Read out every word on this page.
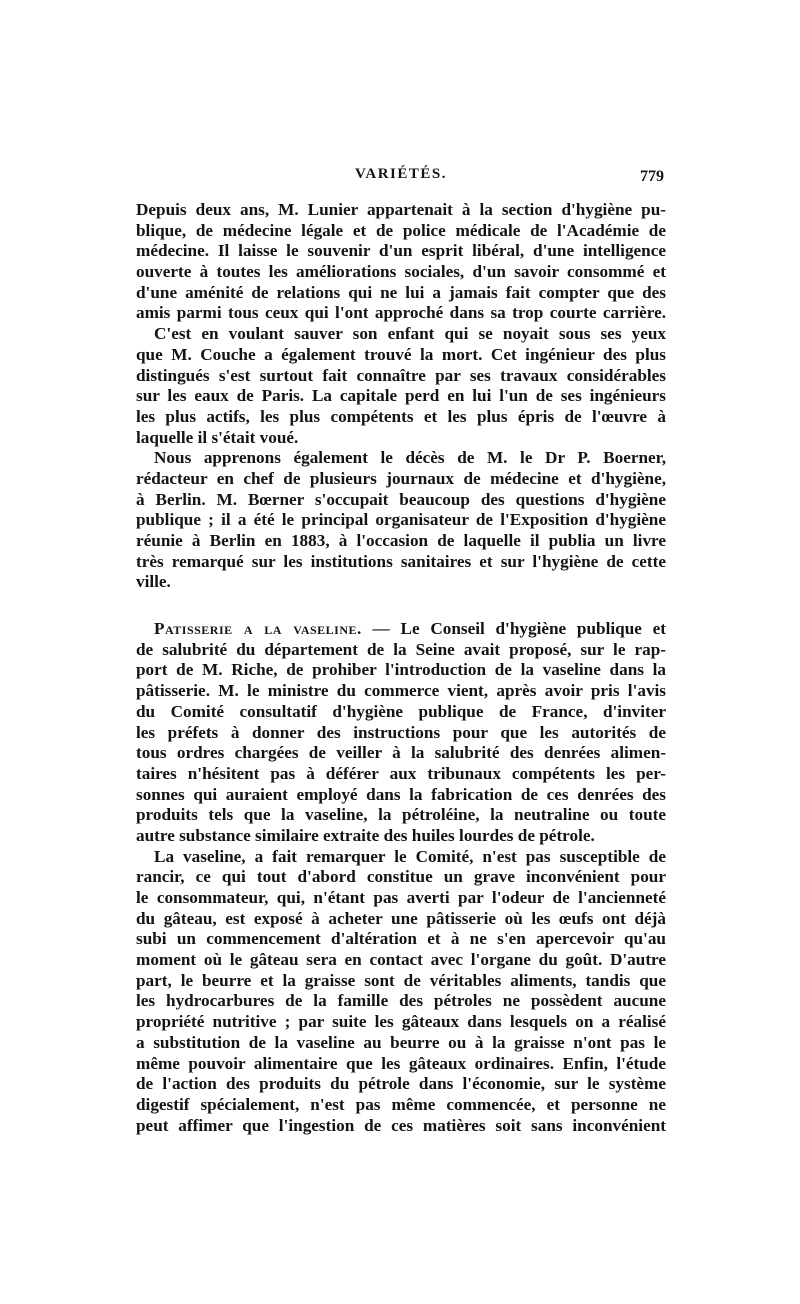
VARIÉTÉS.	779
Depuis deux ans, M. Lunier appartenait à la section d'hygiène pu-
blique, de médecine légale et de police médicale de l'Académie de
médecine. Il laisse le souvenir d'un esprit libéral, d'une intelligence
ouverte à toutes les améliorations sociales, d'un savoir consommé et
d'une aménité de relations qui ne lui a jamais fait compter que des
amis parmi tous ceux qui l'ont approché dans sa trop courte carrière.
C'est en voulant sauver son enfant qui se noyait sous ses yeux
que M. Couche a également trouvé la mort. Cet ingénieur des plus
distingués s'est surtout fait connaître par ses travaux considérables
sur les eaux de Paris. La capitale perd en lui l'un de ses ingénieurs
les plus actifs, les plus compétents et les plus épris de l'œuvre à
laquelle il s'était voué.
Nous apprenons également le décès de M. le Dr P. Boerner,
rédacteur en chef de plusieurs journaux de médecine et d'hygiène,
à Berlin. M. Bœrner s'occupait beaucoup des questions d'hygiène
publique ; il a été le principal organisateur de l'Exposition d'hygiène
réunie à Berlin en 1883, à l'occasion de laquelle il publia un livre
très remarqué sur les institutions sanitaires et sur l'hygiène de cette
ville.
Patisserie a la vaseline. — Le Conseil d'hygiène publique et
de salubrité du département de la Seine avait proposé, sur le rap-
port de M. Riche, de prohiber l'introduction de la vaseline dans la
pâtisserie. M. le ministre du commerce vient, après avoir pris l'avis
du Comité consultatif d'hygiène publique de France, d'inviter
les préfets à donner des instructions pour que les autorités de
tous ordres chargées de veiller à la salubrité des denrées alimen-
taires n'hésitent pas à déférer aux tribunaux compétents les per-
sonnes qui auraient employé dans la fabrication de ces denrées des
produits tels que la vaseline, la pétroléine, la neutraline ou toute
autre substance similaire extraite des huiles lourdes de pétrole.
La vaseline, a fait remarquer le Comité, n'est pas susceptible de
rancir, ce qui tout d'abord constitue un grave inconvénient pour
le consommateur, qui, n'étant pas averti par l'odeur de l'ancienneté
du gâteau, est exposé à acheter une pâtisserie où les œufs ont déjà
subi un commencement d'altération et à ne s'en apercevoir qu'au
moment où le gâteau sera en contact avec l'organe du goût. D'autre
part, le beurre et la graisse sont de véritables aliments, tandis que
les hydrocarbures de la famille des pétroles ne possèdent aucune
propriété nutritive ; par suite les gâteaux dans lesquels on a réalisé
a substitution de la vaseline au beurre ou à la graisse n'ont pas le
même pouvoir alimentaire que les gâteaux ordinaires. Enfin, l'étude
de l'action des produits du pétrole dans l'économie, sur le système
digestif spécialement, n'est pas même commencée, et personne ne
peut affimer que l'ingestion de ces matières soit sans inconvénient
